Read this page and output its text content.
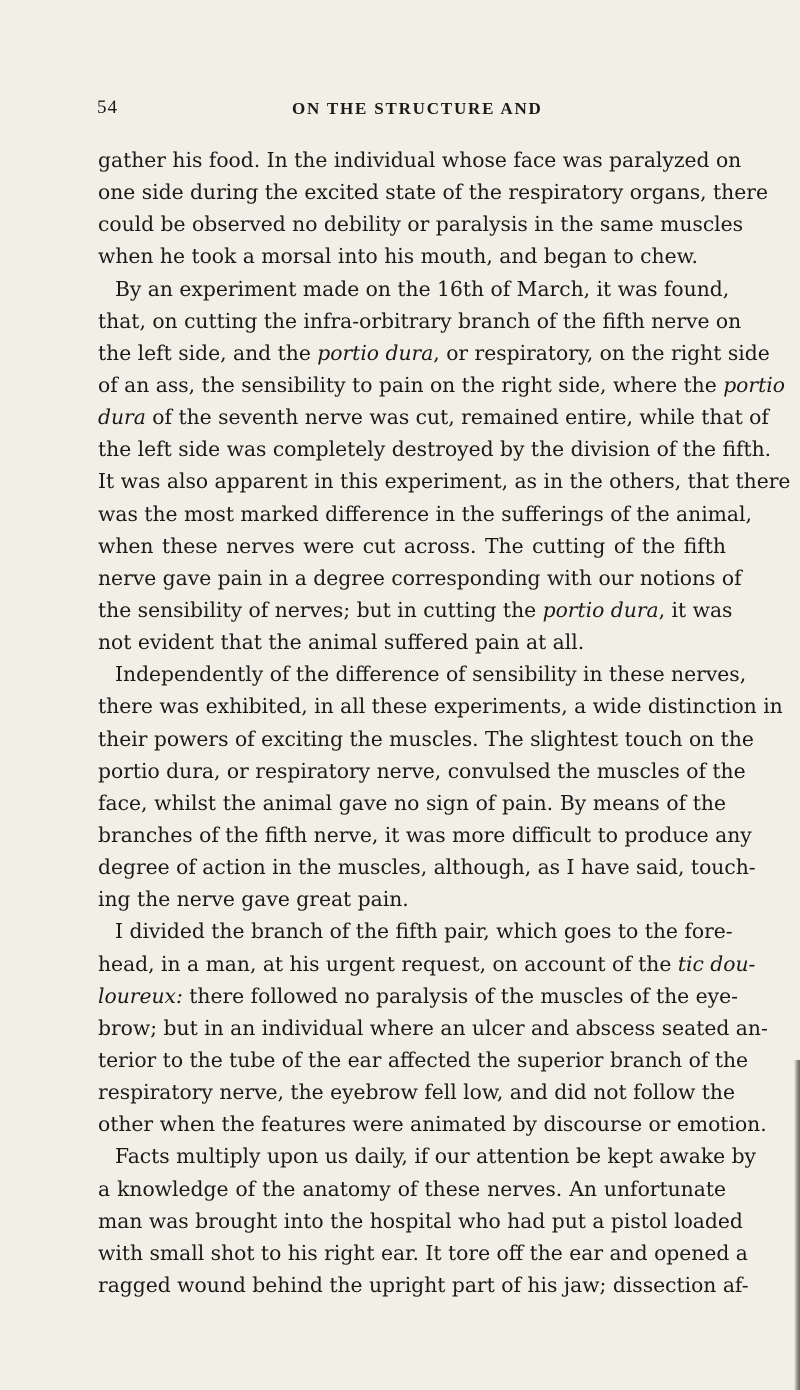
54	ON THE STRUCTURE AND
gather his food. In the individual whose face was paralyzed on
one side during the excited state of the respiratory organs, there
could be observed no debility or paralysis in the same muscles
when he took a morsal into his mouth, and began to chew.
By an experiment made on the 16th of March, it was found,
that, on cutting the infra-orbitrary branch of the fifth nerve on
the left side, and the portio dura, or respiratory, on the right side
of an ass, the sensibility to pain on the right side, where the portio
dura of the seventh nerve was cut, remained entire, while that of
the left side was completely destroyed by the division of the fifth.
It was also apparent in this experiment, as in the others, that there
was the most marked difference in the sufferings of the animal,
when these nerves were cut across. The cutting of the fifth
nerve gave pain in a degree corresponding with our notions of
the sensibility of nerves; but in cutting the portio dura, it was
not evident that the animal suffered pain at all.
Independently of the difference of sensibility in these nerves,
there was exhibited, in all these experiments, a wide distinction in
their powers of exciting the muscles. The slightest touch on the
portio dura, or respiratory nerve, convulsed the muscles of the
face, whilst the animal gave no sign of pain. By means of the
branches of the fifth nerve, it was more difficult to produce any
degree of action in the muscles, although, as I have said, touch-
ing the nerve gave great pain.
I divided the branch of the fifth pair, which goes to the fore-
head, in a man, at his urgent request, on account of the tic dou-
loureux: there followed no paralysis of the muscles of the eye-
brow; but in an individual where an ulcer and abscess seated an-
terior to the tube of the ear affected the superior branch of the
respiratory nerve, the eyebrow fell low, and did not follow the
other when the features were animated by discourse or emotion.
Facts multiply upon us daily, if our attention be kept awake by
a knowledge of the anatomy of these nerves. An unfortunate
man was brought into the hospital who had put a pistol loaded
with small shot to his right ear. It tore off the ear and opened a
ragged wound behind the upright part of his jaw; dissection af-
